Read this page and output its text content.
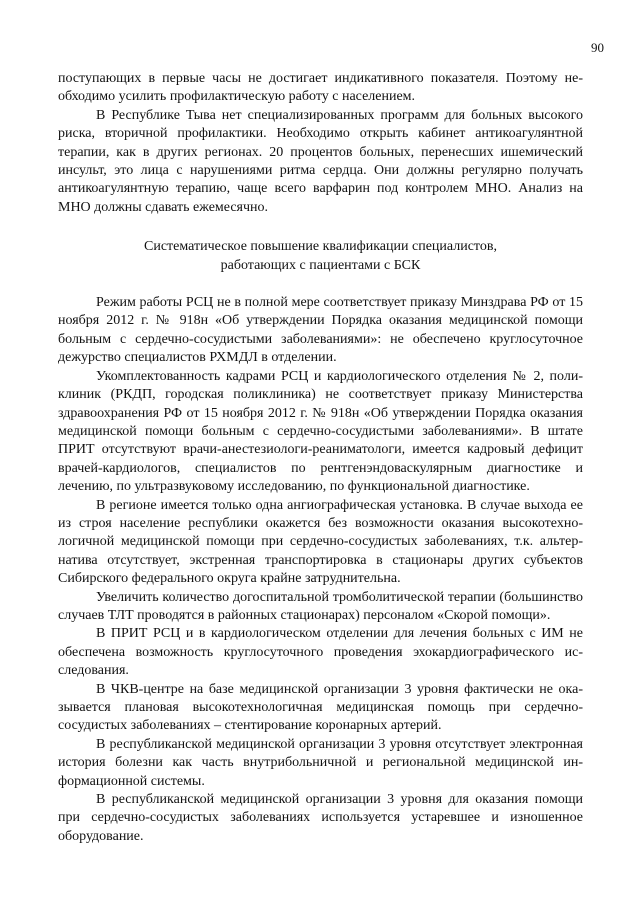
90

поступающих в первые часы не достигает индикативного показателя. Поэтому необходимо усилить профилактическую работу с населением.

В Республике Тыва нет специализированных программ для больных высокого риска, вторичной профилактики. Необходимо открыть кабинет антикоагулянтной терапии, как в других регионах. 20 процентов больных, перенесших ишемический инсульт, это лица с нарушениями ритма сердца. Они должны регулярно получать антикоагулянтную терапию, чаще всего варфарин под контролем МНО. Анализ на МНО должны сдавать ежемесячно.

Систематическое повышение квалификации специалистов,
работающих с пациентами с БСК

Режим работы РСЦ не в полной мере соответствует приказу Минздрава РФ от 15 ноября 2012 г. № 918н «Об утверждении Порядка оказания медицинской помощи больным с сердечно-сосудистыми заболеваниями»: не обеспечено круглосуточное дежурство специалистов РХМДЛ в отделении.

Укомплектованность кадрами РСЦ и кардиологического отделения № 2, поликлиник (РКДП, городская поликлиника) не соответствует приказу Министерства здравоохранения РФ от 15 ноября 2012 г. № 918н «Об утверждении Порядка оказания медицинской помощи больным с сердечно-сосудистыми заболеваниями». В штате ПРИТ отсутствуют врачи-анестезиологи-реаниматологи, имеется кадровый дефицит врачей-кардиологов, специалистов по рентгенэндоваскулярным диагностике и лечению, по ультразвуковому исследованию, по функциональной диагностике.

В регионе имеется только одна ангиографическая установка. В случае выхода ее из строя население республики окажется без возможности оказания высокотехнологичной медицинской помощи при сердечно-сосудистых заболеваниях, т.к. альтернатива отсутствует, экстренная транспортировка в стационары других субъектов Сибирского федерального округа крайне затруднительна.

Увеличить количество догоспитальной тромболитической терапии (большинство случаев ТЛТ проводятся в районных стационарах) персоналом «Скорой помощи».

В ПРИТ РСЦ и в кардиологическом отделении для лечения больных с ИМ не обеспечена возможность круглосуточного проведения эхокардиографического исследования.

В ЧКВ-центре на базе медицинской организации 3 уровня фактически не оказывается плановая высокотехнологичная медицинская помощь при сердечно-сосудистых заболеваниях – стентирование коронарных артерий.

В республиканской медицинской организации 3 уровня отсутствует электронная история болезни как часть внутрибольничной и региональной медицинской информационной системы.

В республиканской медицинской организации 3 уровня для оказания помощи при сердечно-сосудистых заболеваниях используется устаревшее и изношенное оборудование.
